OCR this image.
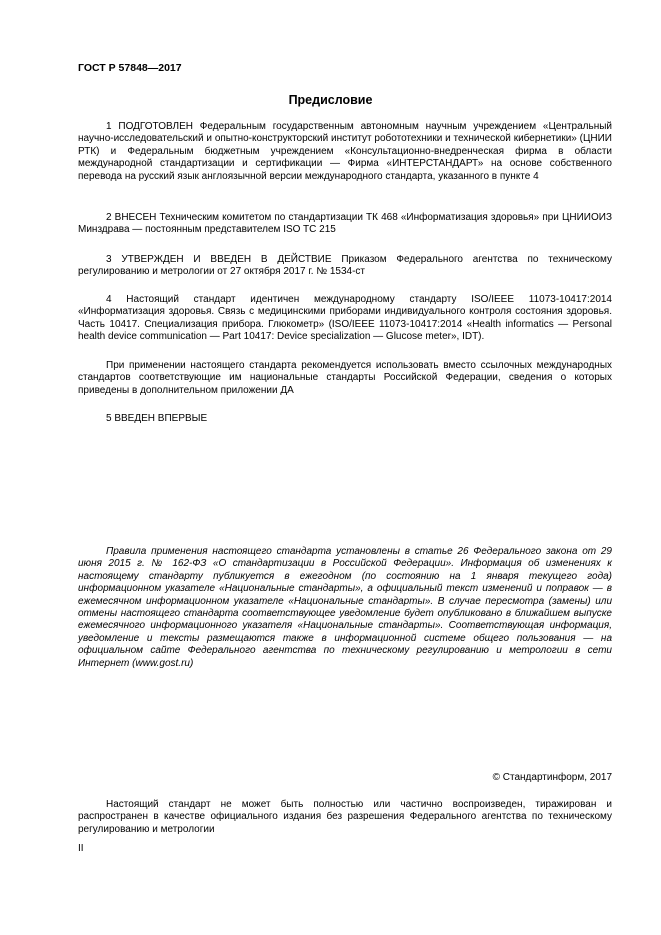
ГОСТ Р 57848—2017
Предисловие
1 ПОДГОТОВЛЕН Федеральным государственным автономным научным учреждением «Центральный научно-исследовательский и опытно-конструкторский институт робототехники и технической кибернетики» (ЦНИИ РТК) и Федеральным бюджетным учреждением «Консультационно-внедренческая фирма в области международной стандартизации и сертификации — Фирма «ИНТЕРСТАНДАРТ» на основе собственного перевода на русский язык англоязычной версии международного стандарта, указанного в пункте 4
2 ВНЕСЕН Техническим комитетом по стандартизации ТК 468 «Информатизация здоровья» при ЦНИИОИЗ Минздрава — постоянным представителем ISO TC 215
3 УТВЕРЖДЕН И ВВЕДЕН В ДЕЙСТВИЕ Приказом Федерального агентства по техническому регулированию и метрологии от 27 октября 2017 г. № 1534-ст
4 Настоящий стандарт идентичен международному стандарту ISO/IEEE 11073-10417:2014 «Информатизация здоровья. Связь с медицинскими приборами индивидуального контроля состояния здоровья. Часть 10417. Специализация прибора. Глюкометр» (ISO/IEEE 11073-10417:2014 «Health informatics — Personal health device communication — Part 10417: Device specialization — Glucose meter», IDT).
При применении настоящего стандарта рекомендуется использовать вместо ссылочных международных стандартов соответствующие им национальные стандарты Российской Федерации, сведения о которых приведены в дополнительном приложении ДА
5 ВВЕДЕН ВПЕРВЫЕ
Правила применения настоящего стандарта установлены в статье 26 Федерального закона от 29 июня 2015 г. № 162-ФЗ «О стандартизации в Российской Федерации». Информация об изменениях к настоящему стандарту публикуется в ежегодном (по состоянию на 1 января текущего года) информационном указателе «Национальные стандарты», а официальный текст изменений и поправок — в ежемесячном информационном указателе «Национальные стандарты». В случае пересмотра (замены) или отмены настоящего стандарта соответствующее уведомление будет опубликовано в ближайшем выпуске ежемесячного информационного указателя «Национальные стандарты». Соответствующая информация, уведомление и тексты размещаются также в информационной системе общего пользования — на официальном сайте Федерального агентства по техническому регулированию и метрологии в сети Интернет (www.gost.ru)
© Стандартинформ, 2017
Настоящий стандарт не может быть полностью или частично воспроизведен, тиражирован и распространен в качестве официального издания без разрешения Федерального агентства по техническому регулированию и метрологии
II
